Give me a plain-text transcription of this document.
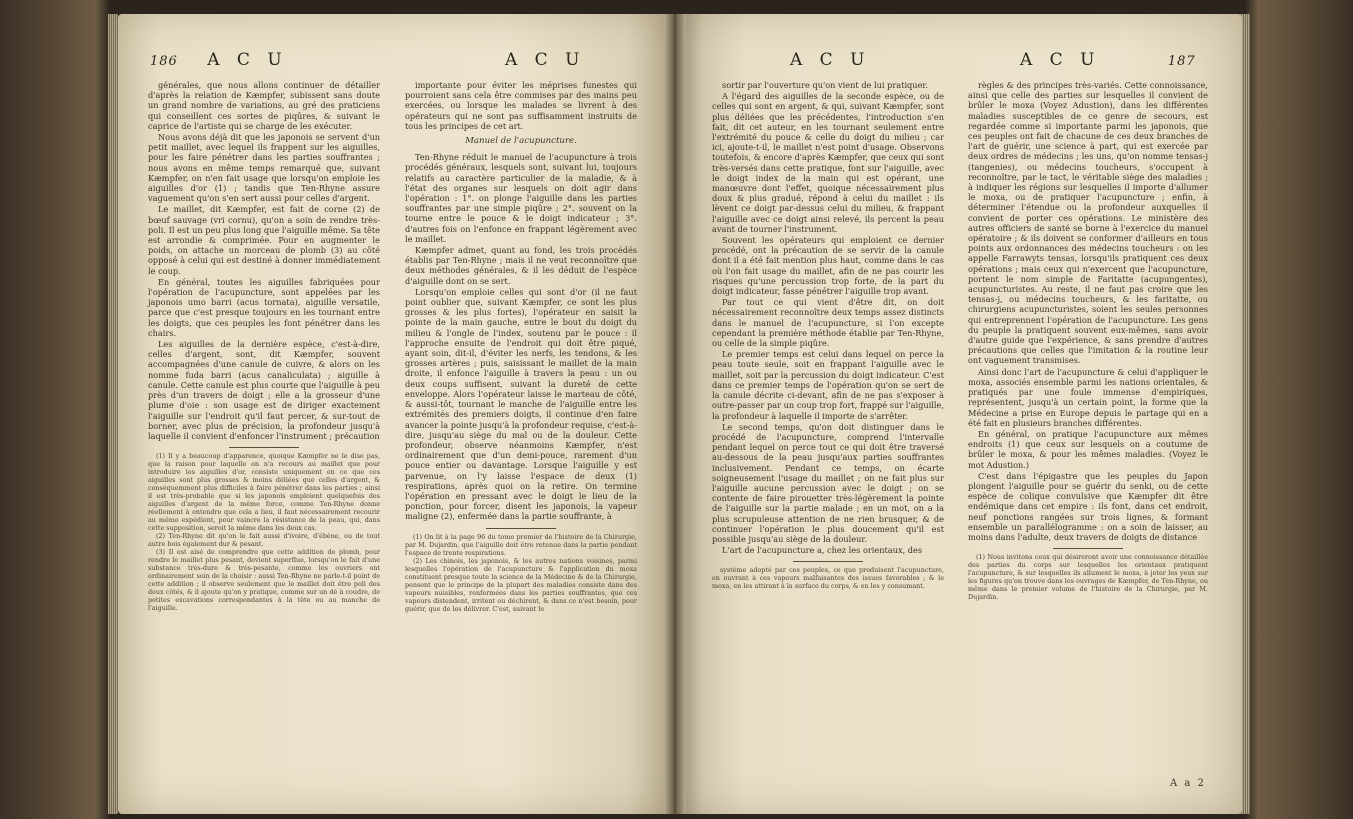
186 A C U	A C U	A C U	A C U	187

générales, que nous allons continuer de détailler d'après la relation de Kæmpfer, subissent sans doute un grand nombre de variations, au gré des praticiens qui conseillent ces sortes de piqûres, & suivant le caprice de l'artiste qui se charge de les exécuter.

Nous avons déjà dit que les japonois se servent d'un petit maillet, avec lequel ils frappent sur les aiguilles, pour les faire pénétrer dans les parties souffrantes ; nous avons en même temps remarqué que, suivant Kæmpfer, on n'en fait usage que lorsqu'on emploie les aiguilles d'or (1) ; tandis que Ten-Rhyne assure vaguement qu'on s'en sert aussi pour celles d'argent.

Le maillet, dit Kæmpfer, est fait de corne (2) de bœuf sauvage (vri cornu), qu'on a soin de rendre très-poli. Il est un peu plus long que l'aiguille même. Sa tête est arrondie & comprimée. Pour en augmenter le poids, on attache un morceau de plomb (3) au côté opposé à celui qui est destiné à donner immédiatement le coup.

En général, toutes les aiguilles fabriquées pour l'opération de l'acupuncture, sont appelées par les japonois umo barri (acus tornata), aiguille versatile, parce que c'est presque toujours en les tournant entre les doigts, que ces peuples les font pénétrer dans les chairs.

Les aiguilles de la dernière espèce, c'est-à-dire, celles d'argent, sont, dit Kæmpfer, souvent accompagnées d'une canule de cuivre, & alors on les nomme fuda barri (acus canaliculata) ; aiguille à canule. Cette canule est plus courte que l'aiguille à peu près d'un travers de doigt ; elle a la grosseur d'une plume d'oie : son usage est de diriger exactement l'aiguille sur l'endroit qu'il faut percer, & sur-tout de borner, avec plus de précision, la profondeur jusqu'à laquelle il convient d'enfoncer l'instrument ; précaution

(1) Il y a beaucoup d'apparence, quoique Kæmpfer ne le dise pas, que la raison pour laquelle on n'a recours au maillet que pour introduire les aiguilles d'or, consiste uniquement en ce que ces aiguilles sont plus grosses & moins déliées que celles d'argent, & conséquemment plus difficiles à faire pénétrer dans les parties ; ainsi il est très-probable que si les japonois emploient quelquefois des aiguilles d'argent de la même force, comme Ten-Rhyne donne réellement à entendre que cela a lieu, il faut nécessairement recourir au même expédient, pour vaincre la résistance de la peau, qui, dans cette supposition, seroit la même dans les deux cas.

(2) Ten-Rhyne dit qu'on le fait aussi d'ivoire, d'ébène, ou de tout autre bois également dur & pesant.

(3) Il est aisé de comprendre que cette addition de plomb, pour rendre le maillet plus pesant, devient superflue, lorsqu'on le fait d'une substance très-dure & très-pesante, comme les ouvriers ont ordinairement soin de la choisir : aussi Ten-Rhyne ne parle-t-il point de cette addition ; il observe seulement que le maillet doit être poli des deux côtés, & il ajoute qu'on y pratique, comme sur un dé à coudre, de petites excavations correspondantes à la tête ou au manche de l'aiguille.

importante pour éviter les méprises funestes qui pourroient sans cela être commises par des mains peu exercées, ou lorsque les malades se livrent à des opérateurs qui ne sont pas suffisamment instruits de tous les principes de cet art.

Manuel de l'acupuncture.

Ten-Rhyne réduit le manuel de l'acupuncture à trois procédés généraux, lesquels sont, suivant lui, toujours relatifs au caractère particulier de la maladie, & à l'état des organes sur lesquels on doit agir dans l'opération : 1°. on plonge l'aiguille dans les parties souffrantes par une simple piqûre ; 2°. souvent on la tourne entre le pouce & le doigt indicateur ; 3°. d'autres fois on l'enfonce en frappant légèrement avec le maillet.

Kæmpfer admet, quant au fond, les trois procédés établis par Ten-Rhyne ; mais il ne veut reconnoître que deux méthodes générales, & il les déduit de l'espèce d'aiguille dont on se sert.

Lorsqu'on emploie celles qui sont d'or (il ne faut point oublier que, suivant Kæmpfer, ce sont les plus grosses & les plus fortes), l'opérateur en saisit la pointe de la main gauche, entre le bout du doigt du milieu & l'ongle de l'index, soutenu par le pouce : il l'approche ensuite de l'endroit qui doit être piqué, ayant soin, dit-il, d'éviter les nerfs, les tendons, & les grosses artères ; puis, saisissant le maillet de la main droite, il enfonce l'aiguille à travers la peau : un ou deux coups suffisent, suivant la dureté de cette enveloppe. Alors l'opérateur laisse le marteau de côté, & aussi-tôt, tournant le manche de l'aiguille entre les extrémités des premiers doigts, il continue d'en faire avancer la pointe jusqu'à la profondeur requise, c'est-à-dire, jusqu'au siège du mal ou de la douleur. Cette profondeur, observe néanmoins Kæmpfer, n'est ordinairement que d'un demi-pouce, rarement d'un pouce entier ou davantage. Lorsque l'aiguille y est parvenue, on l'y laisse l'espace de deux (1) respirations, après quoi on la retire. On termine l'opération en pressant avec le doigt le lieu de la ponction, pour forcer, disent les japonois, la vapeur maligne (2), enfermée dans la partie souffrante, à

(1) On lit à la page 96 du tome premier de l'histoire de la Chirurgie, par M. Dujardin, que l'aiguille doit être retenue dans la partie pendant l'espace de trente respirations.

(2) Les chinois, les japonois, & les autres nations voisines, parmi lesquelles l'opération de l'acupuncture & l'application du moxa constituent presque toute la science de la Médecine & de la Chirurgie, pensent que le principe de la plupart des maladies consiste dans des vapeurs nuisibles, renfermées dans les parties souffrantes, que ces vapeurs distendent, irritent ou déchirent, & dans ce n'est besoin, pour guérir, que de les délivrer. C'est, suivant le

sortir par l'ouverture qu'on vient de lui pratiquer.

A l'égard des aiguilles de la seconde espèce, ou de celles qui sont en argent, & qui, suivant Kæmpfer, sont plus déliées que les précédentes, l'introduction s'en fait, dit cet auteur, en les tournant seulement entre l'extrémité du pouce & celle du doigt du milieu ; car ici, ajoute-t-il, le maillet n'est point d'usage. Observons toutefois, & encore d'après Kæmpfer, que ceux qui sont très-versés dans cette pratique, font sur l'aiguille, avec le doigt index de la main qui est opérant, une manœuvre dont l'effet, quoique nécessairement plus doux & plus gradué, répond à celui du maillet : ils lèvent ce doigt par-dessus celui du milieu, & frappant l'aiguille avec ce doigt ainsi relevé, ils percent la peau avant de tourner l'instrument.

Souvent les opérateurs qui emploient ce dernier procédé, ont la précaution de se servir de la canule dont il a été fait mention plus haut, comme dans le cas où l'on fait usage du maillet, afin de ne pas courir les risques qu'une percussion trop forte, de la part du doigt indicateur, fasse pénétrer l'aiguille trop avant.

Par tout ce qui vient d'être dit, on doit nécessairement reconnoître deux temps assez distincts dans le manuel de l'acupuncture, si l'on excepte cependant la première méthode établie par Ten-Rhyne, ou celle de la simple piqûre.

Le premier temps est celui dans lequel on perce la peau toute seule, soit en frappant l'aiguille avec le maillet, soit par la percussion du doigt indicateur. C'est dans ce premier temps de l'opération qu'on se sert de la canule décrite ci-devant, afin de ne pas s'exposer à outre-passer par un coup trop fort, frappé sur l'aiguille, la profondeur à laquelle il importe de s'arrêter.

Le second temps, qu'on doit distinguer dans le procédé de l'acupuncture, comprend l'intervalle pendant lequel on perce tout ce qui doit être traversé au-dessous de la peau jusqu'aux parties souffrantes inclusivement. Pendant ce temps, on écarte soigneusement l'usage du maillet ; on ne fait plus sur l'aiguille aucune percussion avec le doigt ; on se contente de faire pirouetter très-légèrement la pointe de l'aiguille sur la partie malade ; en un mot, on a la plus scrupuleuse attention de ne rien brusquer, & de continuer l'opération le plus doucement qu'il est possible jusqu'au siège de la douleur.

L'art de l'acupuncture a, chez les orientaux, des

système adopté par ces peuples, ce que produisent l'acupuncture, en ouvrant à ces vapeurs malfaisantes des issues favorables ; & le moxa, en les attirant à la surface du corps, & en les y consumant.

règles & des principes très-variés. Cette connoissance, ainsi que celle des parties sur lesquelles il convient de brûler le moxa (Voyez Adustion), dans les différentes maladies susceptibles de ce genre de secours, est regardée comme si importante parmi les japonois, que ces peuples ont fait de chacune de ces deux branches de l'art de guérir, une science à part, qui est exercée par deux ordres de médecins ; les uns, qu'on nomme tensas-j (tangenies), ou médecins toucheurs, s'occupent à reconnoître, par le tact, le véritable siège des maladies ; à indiquer les régions sur lesquelles il importe d'allumer le moxa, ou de pratiquer l'acupuncture ; enfin, à déterminer l'étendue ou la profondeur auxquelles il convient de porter ces opérations. Le ministère des autres officiers de santé se borne à l'exercice du manuel opératoire ; & ils doivent se conformer d'ailleurs en tous points aux ordonnances des médecins toucheurs : on les appelle Farrawyts tensas, lorsqu'ils pratiquent ces deux opérations ; mais ceux qui n'exercent que l'acupuncture, portent le nom simple de Faritatte (acupungentes), acupuncturistes. Au reste, il ne faut pas croire que les tensas-j, ou médecins toucheurs, & les faritatte, ou chirurgiens acupuncturistes, soient les seules personnes qui entreprennent l'opération de l'acupuncture. Les gens du peuple la pratiquent souvent eux-mêmes, sans avoir d'autre guide que l'expérience, & sans prendre d'autres précautions que celles que l'imitation & la routine leur ont vaguement transmises.

Ainsi donc l'art de l'acupuncture & celui d'appliquer le moxa, associés ensemble parmi les nations orientales, & pratiqués par une foule immense d'empiriques, représentent, jusqu'à un certain point, la forme que la Médecine a prise en Europe depuis le partage qui en a été fait en plusieurs branches différentes.

En général, on pratique l'acupuncture aux mêmes endroits (1) que ceux sur lesquels on a coutume de brûler le moxa, & pour les mêmes maladies. (Voyez le mot Adustion.)

C'est dans l'épigastre que les peuples du Japon plongent l'aiguille pour se guérir du senki, ou de cette espèce de colique convulsive que Kæmpfer dit être endémique dans cet empire : ils font, dans cet endroit, neuf ponctions rangées sur trois lignes, & formant ensemble un parallélogramme : on a soin de laisser, au moins dans l'adulte, deux travers de doigts de distance

(1) Nous invitons ceux qui désireront avoir une connoissance détaillée des parties du corps sur lesquelles les orientaux pratiquent l'acupuncture, & sur lesquelles ils allument le moxa, à jeter les yeux sur les figures qu'on trouve dans les ouvrages de Kæmpfer, de Ten-Rhyne, ou même dans le premier volume de l'histoire de la Chirurgie, par M. Dujardin.

A a 2
